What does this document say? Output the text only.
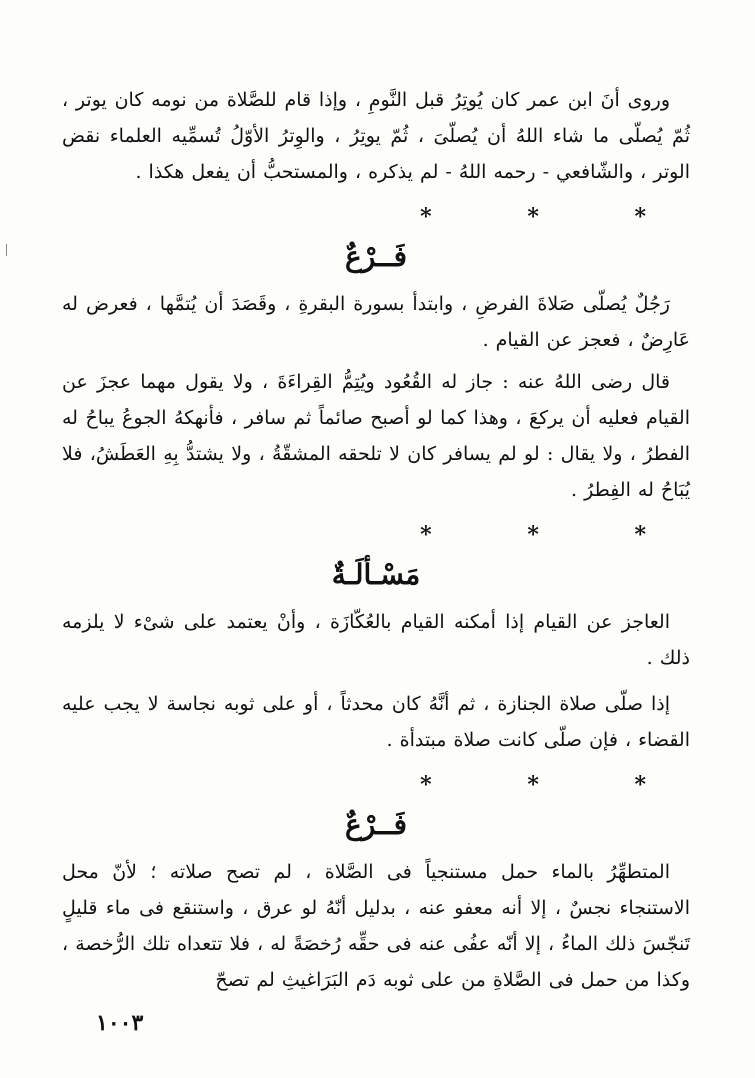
وروى أنَ ابن عمر كان يُوتِرُ قبل النَّومِ ، وإذا قام للصَّلاة من نومه كان يوتر ، ثُمّ يُصلّى ما شاء اللهُ أن يُصلّىَ ، ثُمّ يوتِرُ ، والوِترُ الأوّلُ تُسمِّيه العلماء نقض الوتر ، والشّافعي - رحمه اللهُ - لم يذكره ، والمستحبُّ أن يفعل هكذا .

* * *
فَــرْعٌ

رَجُلٌ يُصلّى صَلاةَ الفرضِ ، وابتدأ بسورة البقرةِ ، وقَصَدَ أن يُتمَّها ، فعرض له عَارِضٌ ، فعجز عن القيام .

قال رضى اللهُ عنه : جاز له القُعُود ويُتِمُّ القِراءَةَ ، ولا يقول مهما عجزَ عن القيام فعليه أن يركعَ ، وهذا كما لو أصبح صائماً ثم سافر ، فأنهكهُ الجوعُ يباحُ له الفطرُ ، ولا يقال : لو لم يسافر كان لا تلحقه المشقّةُ ، ولا يشتدُّ بِهِ العَطَشُ، فلا يُبَاحُ له الفِطرُ .

* * *
مَسْـألَـةٌ

العاجز عن القيام إذا أمكنه القيام بالعُكّازَة ، وأنْ يعتمد على شىْء لا يلزمه ذلك .

إذا صلّى صلاة الجنازة ، ثم أنَّهُ كان محدثاً ، أو على ثوبه نجاسة لا يجب عليه القضاء ، فإن صلّى كانت صلاة مبتدأة .

* * *
فَــرْعٌ

المتطهِّرُ بالماء حمل مستنجياً فى الصَّلاة ، لم تصح صلاته ؛ لأنّ محل الاستنجاء نجسٌ ، إلا أنه معفو عنه ، بدليل أنّهُ لو عرق ، واستنقع فى ماء قليلٍ تَنجّسَ ذلك الماءُ ، إلا أنّه عفُى عنه فى حقِّه رُخصَةً له ، فلا تتعداه تلك الرُّخصة ، وكذا من حمل فى الصَّلاةِ من على ثوبه دَم البَرَاغيثِ لم تصحّ

١٠٠٣
